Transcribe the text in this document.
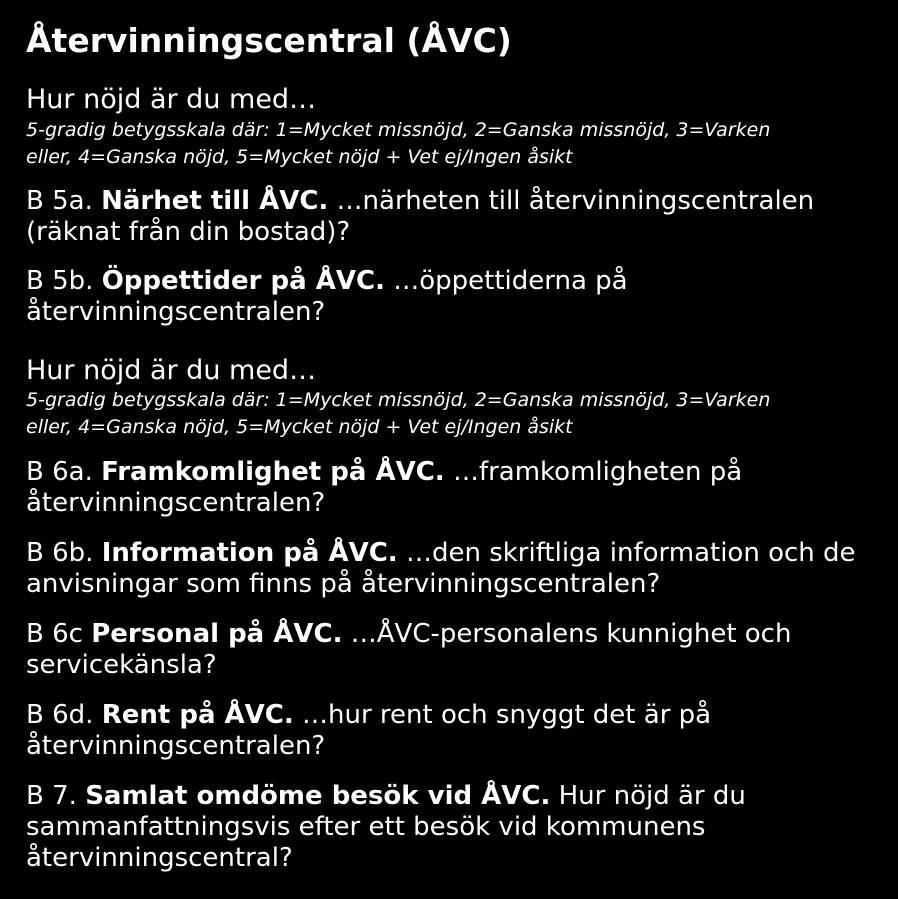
Återvinningscentral (ÅVC)
Hur nöjd är du med…
5-gradig betygsskala där: 1=Mycket missnöjd, 2=Ganska missnöjd, 3=Varken
eller, 4=Ganska nöjd, 5=Mycket nöjd + Vet ej/Ingen åsikt
B 5a. Närhet till ÅVC. …närheten till återvinningscentralen
(räknat från din bostad)?
B 5b. Öppettider på ÅVC. …öppettiderna på
återvinningscentralen?
Hur nöjd är du med…
5-gradig betygsskala där: 1=Mycket missnöjd, 2=Ganska missnöjd, 3=Varken
eller, 4=Ganska nöjd, 5=Mycket nöjd + Vet ej/Ingen åsikt
B 6a. Framkomlighet på ÅVC. …framkomligheten på
återvinningscentralen?
B 6b. Information på ÅVC. …den skriftliga information och de
anvisningar som finns på återvinningscentralen?
B 6c Personal på ÅVC. …ÅVC-personalens kunnighet och
servicekänsla?
B 6d. Rent på ÅVC. …hur rent och snyggt det är på
återvinningscentralen?
B 7. Samlat omdöme besök vid ÅVC. Hur nöjd är du
sammanfattningsvis efter ett besök vid kommunens
återvinningscentral?
